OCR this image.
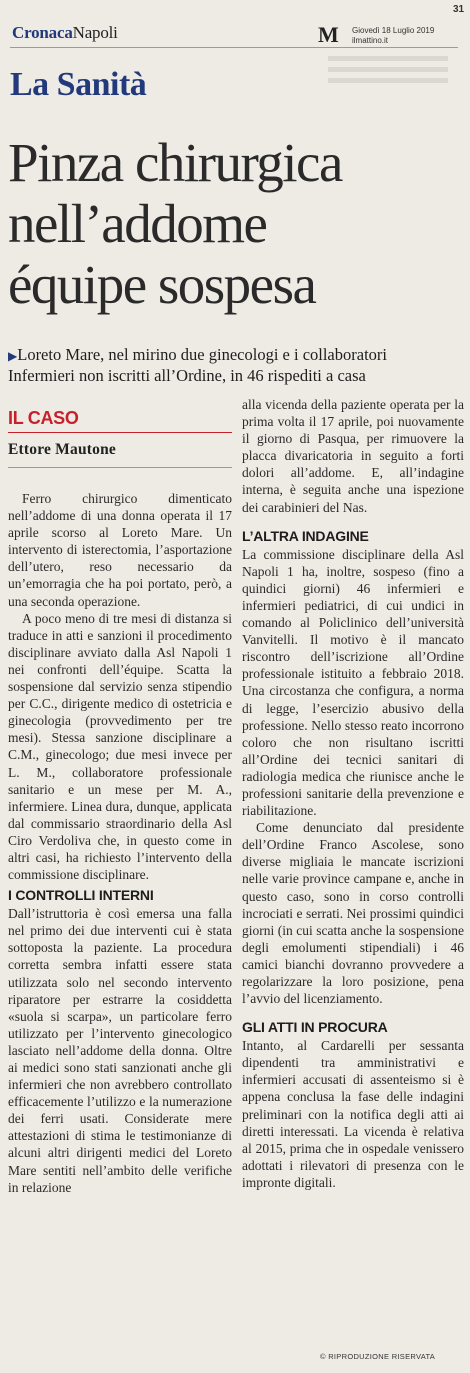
31
CronacaNapoli	M Giovedì 18 Luglio 2019
ilmattino.it
La Sanità
Pinza chirurgica
nell’addome
équipe sospesa
▶Loreto Mare, nel mirino due ginecologi e i collaboratori
Infermieri non iscritti all’Ordine, in 46 rispediti a casa
IL CASO
Ettore Mautone

Ferro chirurgico dimenticato nell’addome di una donna operata il 17 aprile scorso al Loreto Mare. Un intervento di isterectomia, l’asportazione dell’utero, reso necessario da un’emorragia che ha poi portato, però, a una seconda operazione.

A poco meno di tre mesi di distanza si traduce in atti e sanzioni il procedimento disciplinare avviato dalla Asl Napoli 1 nei confronti dell’équipe. Scatta la sospensione dal servizio senza stipendio per C.C., dirigente medico di ostetricia e ginecologia (provvedimento per tre mesi). Stessa sanzione disciplinare a C.M., ginecologo; due mesi invece per L. M., collaboratore professionale sanitario e un mese per M. A., infermiere. Linea dura, dunque, applicata dal commissario straordinario della Asl Ciro Verdoliva che, in questo come in altri casi, ha richiesto l’intervento della commissione disciplinare.

I CONTROLLI INTERNI

Dall’istruttoria è così emersa una falla nel primo dei due interventi cui è stata sottoposta la paziente. La procedura corretta sembra infatti essere stata utilizzata solo nel secondo intervento riparatore per estrarre la cosiddetta «suola si scarpa», un particolare ferro utilizzato per l’intervento ginecologico lasciato nell’addome della donna. Oltre ai medici sono stati sanzionati anche gli infermieri che non avrebbero controllato efficacemente l’utilizzo e la numerazione dei ferri usati. Considerate mere attestazioni di stima le testimonianze di alcuni altri dirigenti medici del Loreto Mare sentiti nell’ambito delle verifiche in relazione

alla vicenda della paziente operata per la prima volta il 17 aprile, poi nuovamente il giorno di Pasqua, per rimuovere la placca divaricatoria in seguito a forti dolori all’addome. E, all’indagine interna, è seguita anche una ispezione dei carabinieri del Nas.

L’ALTRA INDAGINE

La commissione disciplinare della Asl Napoli 1 ha, inoltre, sospeso (fino a quindici giorni) 46 infermieri e infermieri pediatrici, di cui undici in comando al Policlinico dell’università Vanvitelli. Il motivo è il mancato riscontro dell’iscrizione all’Ordine professionale istituito a febbraio 2018. Una circostanza che configura, a norma di legge, l’esercizio abusivo della professione. Nello stesso reato incorrono coloro che non risultano iscritti all’Ordine dei tecnici sanitari di radiologia medica che riunisce anche le professioni sanitarie della prevenzione e riabilitazione.

Come denunciato dal presidente dell’Ordine Franco Ascolese, sono diverse migliaia le mancate iscrizioni nelle varie province campane e, anche in questo caso, sono in corso controlli incrociati e serrati. Nei prossimi quindici giorni (in cui scatta anche la sospensione degli emolumenti stipendiali) i 46 camici bianchi dovranno provvedere a regolarizzare la loro posizione, pena l’avvio del licenziamento.

GLI ATTI IN PROCURA

Intanto, al Cardarelli per sessanta dipendenti tra amministrativi e infermieri accusati di assenteismo si è appena conclusa la fase delle indagini preliminari con la notifica degli atti ai diretti interessati. La vicenda è relativa al 2015, prima che in ospedale venissero adottati i rilevatori di presenza con le impronte digitali.

© RIPRODUZIONE RISERVATA
